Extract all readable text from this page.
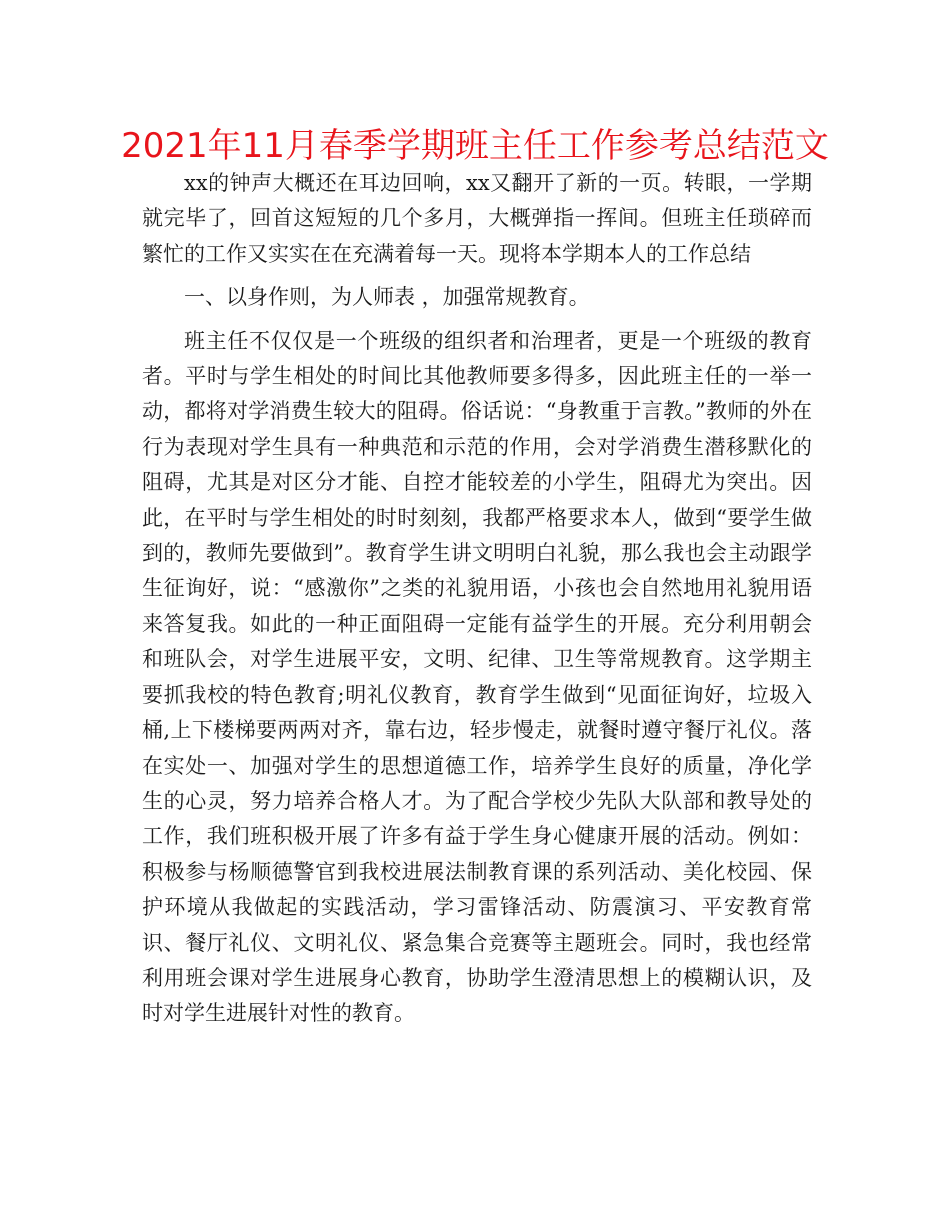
2021年11月春季学期班主任工作参考总结范文

xx的钟声大概还在耳边回响，xx又翻开了新的一页。转眼，一学期就完毕了，回首这短短的几个多月，大概弹指一挥间。但班主任琐碎而繁忙的工作又实实在在充满着每一天。现将本学期本人的工作总结

一、以身作则，为人师表 ，加强常规教育。

班主任不仅仅是一个班级的组织者和治理者，更是一个班级的教育者。平时与学生相处的时间比其他教师要多得多，因此班主任的一举一动，都将对学消费生较大的阻碍。俗话说：“身教重于言教。”教师的外在行为表现对学生具有一种典范和示范的作用，会对学消费生潜移默化的阻碍，尤其是对区分才能、自控才能较差的小学生，阻碍尤为突出。因此，在平时与学生相处的时时刻刻，我都严格要求本人，做到“要学生做到的，教师先要做到”。教育学生讲文明明白礼貌，那么我也会主动跟学生征询好，说：“感激你”之类的礼貌用语，小孩也会自然地用礼貌用语来答复我。如此的一种正面阻碍一定能有益学生的开展。充分利用朝会和班队会，对学生进展平安，文明、纪律、卫生等常规教育。这学期主要抓我校的特色教育;明礼仪教育，教育学生做到“见面征询好，垃圾入桶,上下楼梯要两两对齐，靠右边，轻步慢走，就餐时遵守餐厅礼仪。落在实处一、加强对学生的思想道德工作，培养学生良好的质量，净化学生的心灵，努力培养合格人才。为了配合学校少先队大队部和教导处的工作，我们班积极开展了许多有益于学生身心健康开展的活动。例如：积极参与杨顺德警官到我校进展法制教育课的系列活动、美化校园、保护环境从我做起的实践活动，学习雷锋活动、防震演习、平安教育常识、餐厅礼仪、文明礼仪、紧急集合竞赛等主题班会。同时，我也经常利用班会课对学生进展身心教育，协助学生澄清思想上的模糊认识，及时对学生进展针对性的教育。
